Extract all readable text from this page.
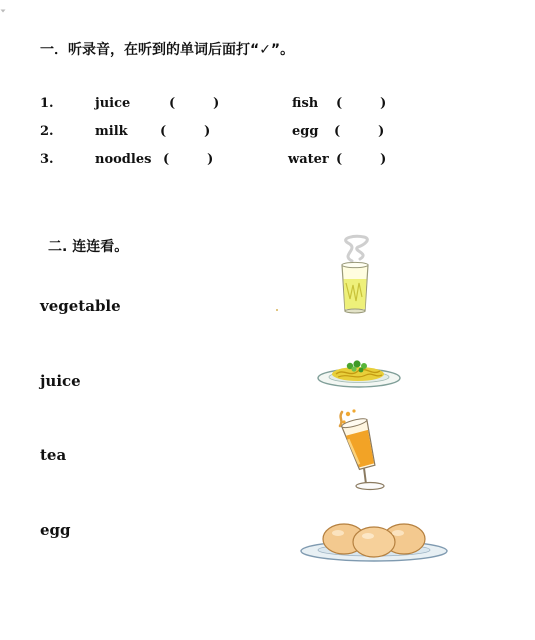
一．听录音，在听到的单词后面打“✓”。
1.	juice	(	)	fish (	)
2.	milk (	)	egg (	)
3.	noodles (	)	water (	)
二. 连连看。
vegetable
juice
tea
egg
